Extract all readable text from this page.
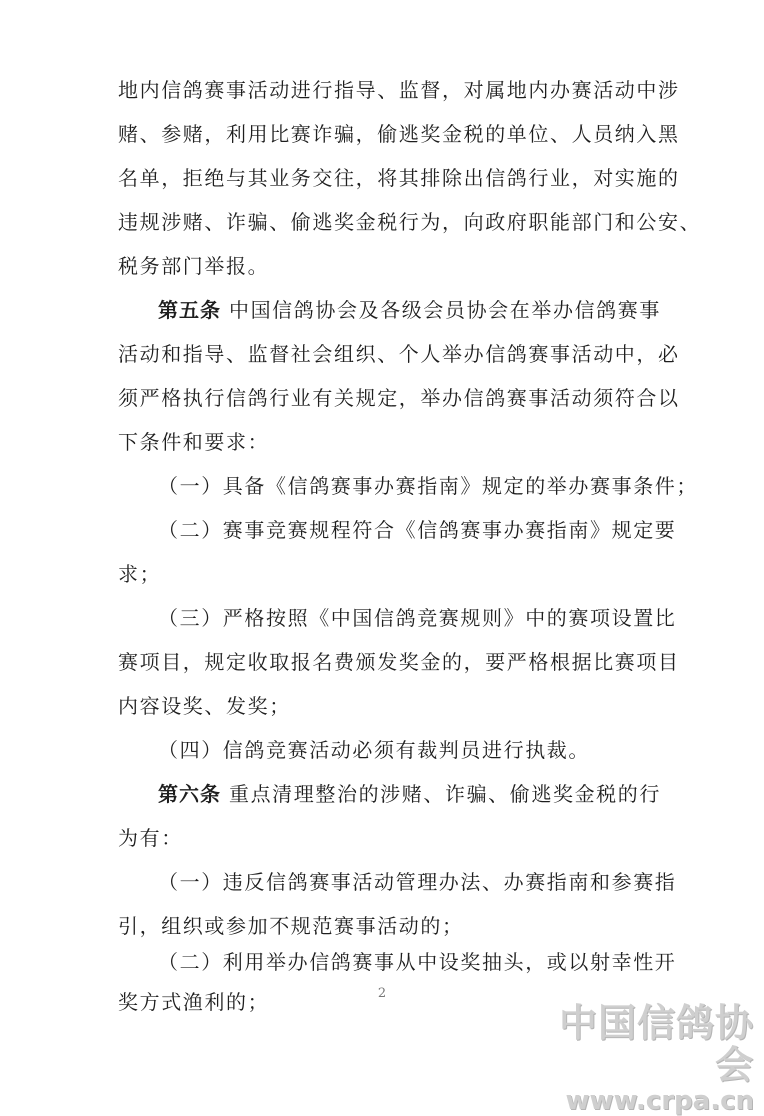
地内信鸽赛事活动进行指导、监督，对属地内办赛活动中涉
赌、参赌，利用比赛诈骗，偷逃奖金税的单位、人员纳入黑
名单，拒绝与其业务交往，将其排除出信鸽行业，对实施的
违规涉赌、诈骗、偷逃奖金税行为，向政府职能部门和公安、
税务部门举报。
第五条 中国信鸽协会及各级会员协会在举办信鸽赛事
活动和指导、监督社会组织、个人举办信鸽赛事活动中，必
须严格执行信鸽行业有关规定，举办信鸽赛事活动须符合以
下条件和要求：
（一）具备《信鸽赛事办赛指南》规定的举办赛事条件；
（二）赛事竞赛规程符合《信鸽赛事办赛指南》规定要
求；
（三）严格按照《中国信鸽竞赛规则》中的赛项设置比
赛项目，规定收取报名费颁发奖金的，要严格根据比赛项目
内容设奖、发奖；
（四）信鸽竞赛活动必须有裁判员进行执裁。
第六条 重点清理整治的涉赌、诈骗、偷逃奖金税的行
为有：
（一）违反信鸽赛事活动管理办法、办赛指南和参赛指
引，组织或参加不规范赛事活动的；
（二）利用举办信鸽赛事从中设奖抽头，或以射幸性开
奖方式渔利的；	2
中国信鸽协会
www.crpa.cn
